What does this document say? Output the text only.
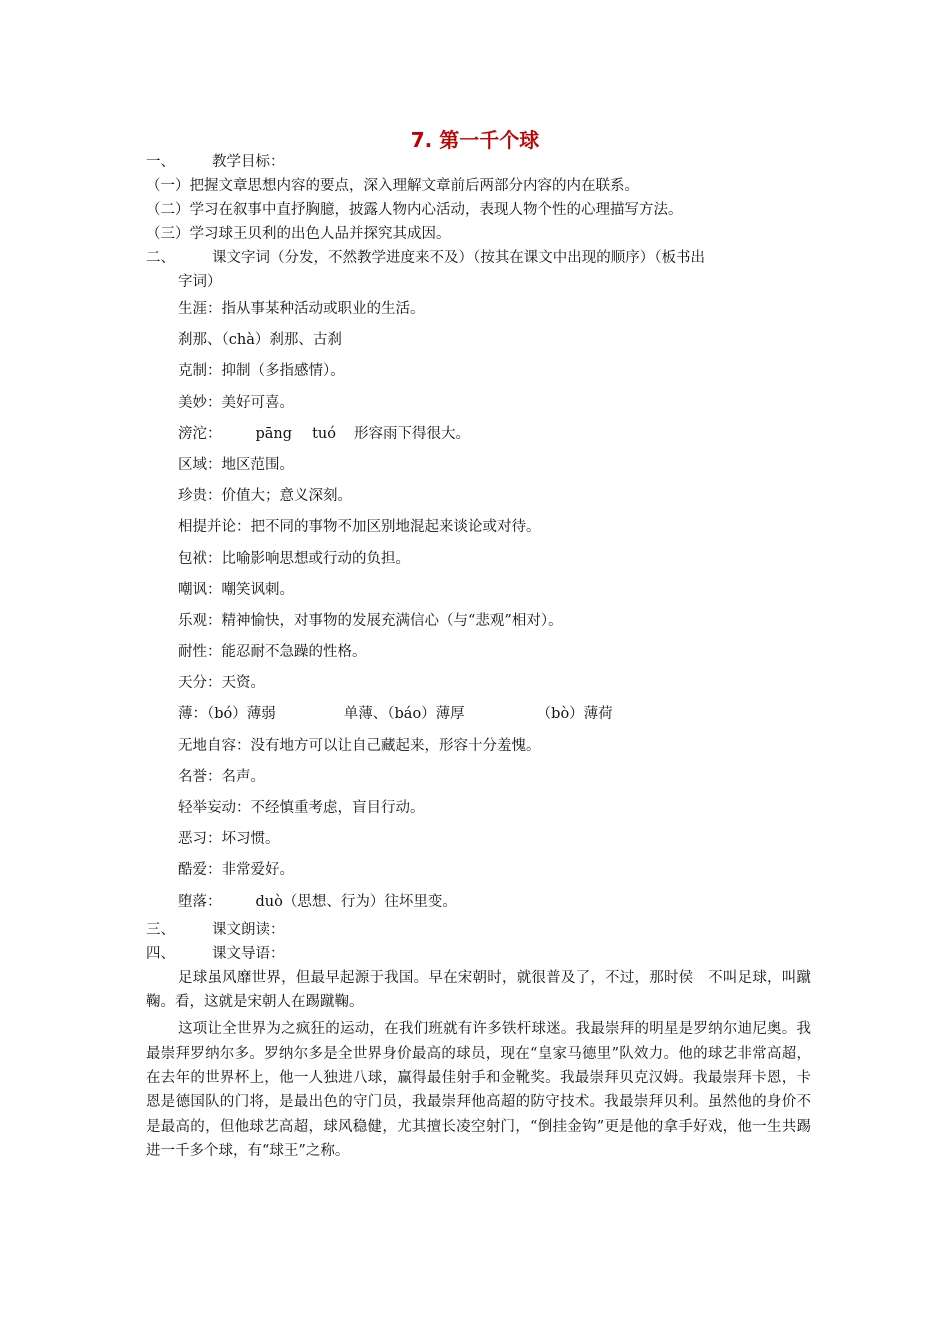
7. 第一千个球
一、	教学目标：
（一）把握文章思想内容的要点，深入理解文章前后两部分内容的内在联系。
（二）学习在叙事中直抒胸臆，披露人物内心活动，表现人物个性的心理描写方法。
（三）学习球王贝利的出色人品并探究其成因。
二、	课文字词（分发，不然教学进度来不及）（按其在课文中出现的顺序）（板书出
字词）
生涯：指从事某种活动或职业的生活。
刹那、（chà）刹那、古刹
克制：抑制（多指感情）。
美妙：美好可喜。
滂沱： pāng tuó 形容雨下得很大。
区域：地区范围。
珍贵：价值大；意义深刻。
相提并论：把不同的事物不加区别地混起来谈论或对待。
包袱：比喻影响思想或行动的负担。
嘲讽：嘲笑讽刺。
乐观：精神愉快，对事物的发展充满信心（与“悲观”相对）。
耐性：能忍耐不急躁的性格。
天分：天资。
薄：（bó）薄弱	单薄、（báo）薄厚	（bò）薄荷
无地自容：没有地方可以让自己藏起来，形容十分羞愧。
名誉：名声。
轻举妄动：不经慎重考虑，盲目行动。
恶习：坏习惯。
酷爱：非常爱好。
堕落： duò（思想、行为）往坏里变。
三、	课文朗读：
四、	课文导语：

足球虽风靡世界，但最早起源于我国。早在宋朝时，就很普及了，不过，那时侯　不叫足球，叫蹴鞠。看，这就是宋朝人在踢蹴鞠。

这项让全世界为之疯狂的运动，在我们班就有许多铁杆球迷。我最崇拜的明星是罗纳尔迪尼奥。我最崇拜罗纳尔多。罗纳尔多是全世界身价最高的球员，现在“皇家马德里”队效力。他的球艺非常高超，在去年的世界杯上，他一人独进八球，赢得最佳射手和金靴奖。我最崇拜贝克汉姆。我最崇拜卡恩，卡恩是德国队的门将，是最出色的守门员，我最崇拜他高超的防守技术。我最崇拜贝利。虽然他的身价不是最高的，但他球艺高超，球风稳健，尤其擅长凌空射门，“倒挂金钩”更是他的拿手好戏，他一生共踢进一千多个球，有“球王”之称。
